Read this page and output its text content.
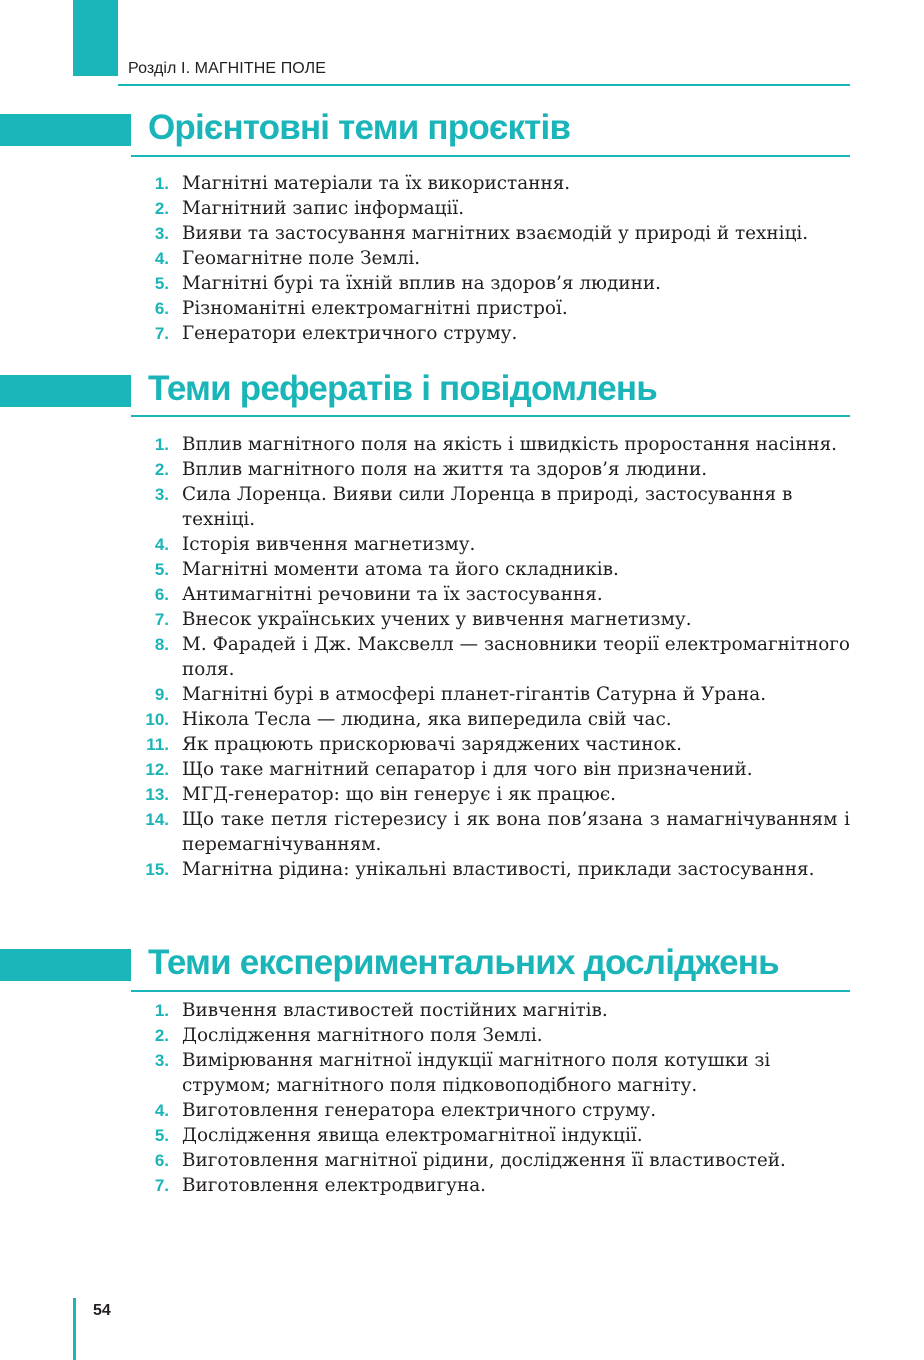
Розділ І. МАГНІТНЕ ПОЛЕ
Орієнтовні теми проєктів
1. Магнітні матеріали та їх використання.
2. Магнітний запис інформації.
3. Вияви та застосування магнітних взаємодій у природі й техніці.
4. Геомагнітне поле Землі.
5. Магнітні бурі та їхній вплив на здоров’я людини.
6. Різноманітні електромагнітні пристрої.
7. Генератори електричного струму.
Теми рефератів і повідомлень
1. Вплив магнітного поля на якість і швидкість проростання насіння.
2. Вплив магнітного поля на життя та здоров’я людини.
3. Сила Лоренца. Вияви сили Лоренца в природі, застосування в техніці.
4. Історія вивчення магнетизму.
5. Магнітні моменти атома та його складників.
6. Антимагнітні речовини та їх застосування.
7. Внесок українських учених у вивчення магнетизму.
8. М. Фарадей і Дж. Максвелл — засновники теорії електромагнітного поля.
9. Магнітні бурі в атмосфері планет-гігантів Сатурна й Урана.
10. Нікола Тесла — людина, яка випередила свій час.
11. Як працюють прискорювачі заряджених частинок.
12. Що таке магнітний сепаратор і для чого він призначений.
13. МГД-генератор: що він генерує і як працює.
14. Що таке петля гістерезису і як вона пов’язана з намагнічуванням і перемагнічуванням.
15. Магнітна рідина: унікальні властивості, приклади застосування.
Теми експериментальних досліджень
1. Вивчення властивостей постійних магнітів.
2. Дослідження магнітного поля Землі.
3. Вимірювання магнітної індукції магнітного поля котушки зі струмом; магнітного поля підковоподібного магніту.
4. Виготовлення генератора електричного струму.
5. Дослідження явища електромагнітної індукції.
6. Виготовлення магнітної рідини, дослідження її властивостей.
7. Виготовлення електродвигуна.
54
